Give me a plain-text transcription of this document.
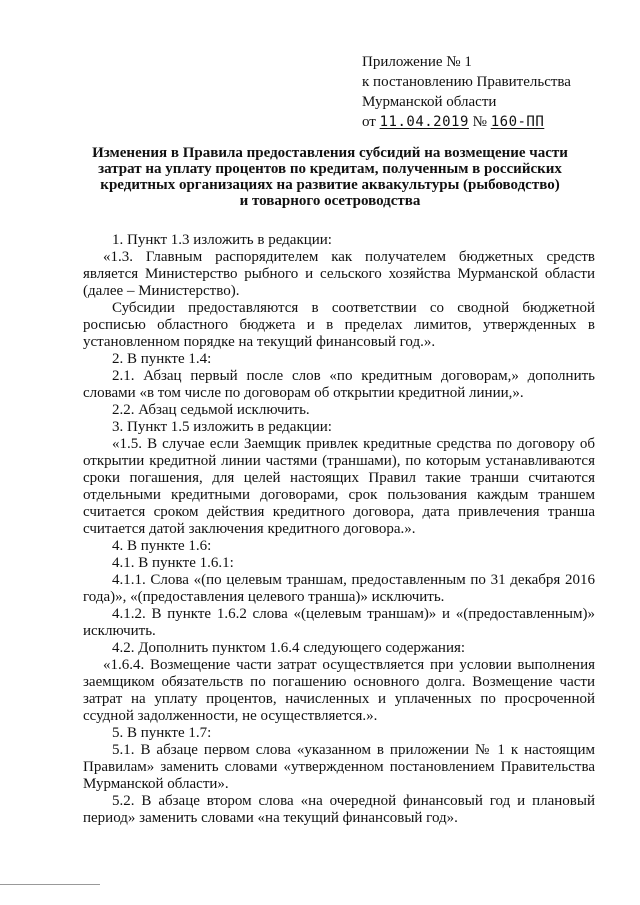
Приложение № 1
к постановлению Правительства
Мурманской области
от 11.04.2019 № 160-ПП
Изменения в Правила предоставления субсидий на возмещение части
затрат на уплату процентов по кредитам, полученным в российских
кредитных организациях на развитие аквакультуры (рыбоводство)
и товарного осетроводства

1. Пункт 1.3 изложить в редакции:

«1.3. Главным распорядителем как получателем бюджетных средств является Министерство рыбного и сельского хозяйства Мурманской области (далее – Министерство).

Субсидии предоставляются в соответствии со сводной бюджетной росписью областного бюджета и в пределах лимитов, утвержденных в установленном порядке на текущий финансовый год.».

2. В пункте 1.4:

2.1. Абзац первый после слов «по кредитным договорам,» дополнить словами «в том числе по договорам об открытии кредитной линии,».

2.2. Абзац седьмой исключить.

3. Пункт 1.5 изложить в редакции:

«1.5. В случае если Заемщик привлек кредитные средства по договору об открытии кредитной линии частями (траншами), по которым устанавливаются сроки погашения, для целей настоящих Правил такие транши считаются отдельными кредитными договорами, срок пользования каждым траншем считается сроком действия кредитного договора, дата привлечения транша считается датой заключения кредитного договора.».

4. В пункте 1.6:

4.1. В пункте 1.6.1:

4.1.1. Слова «(по целевым траншам, предоставленным по 31 декабря 2016 года)», «(предоставления целевого транша)» исключить.

4.1.2. В пункте 1.6.2 слова «(целевым траншам)» и «(предоставленным)» исключить.

4.2. Дополнить пунктом 1.6.4 следующего содержания:

«1.6.4. Возмещение части затрат осуществляется при условии выполнения заемщиком обязательств по погашению основного долга. Возмещение части затрат на уплату процентов, начисленных и уплаченных по просроченной ссудной задолженности, не осуществляется.».

5. В пункте 1.7:

5.1. В абзаце первом слова «указанном в приложении № 1 к настоящим Правилам» заменить словами «утвержденном постановлением Правительства Мурманской области».

5.2. В абзаце втором слова «на очередной финансовый год и плановый период» заменить словами «на текущий финансовый год».
